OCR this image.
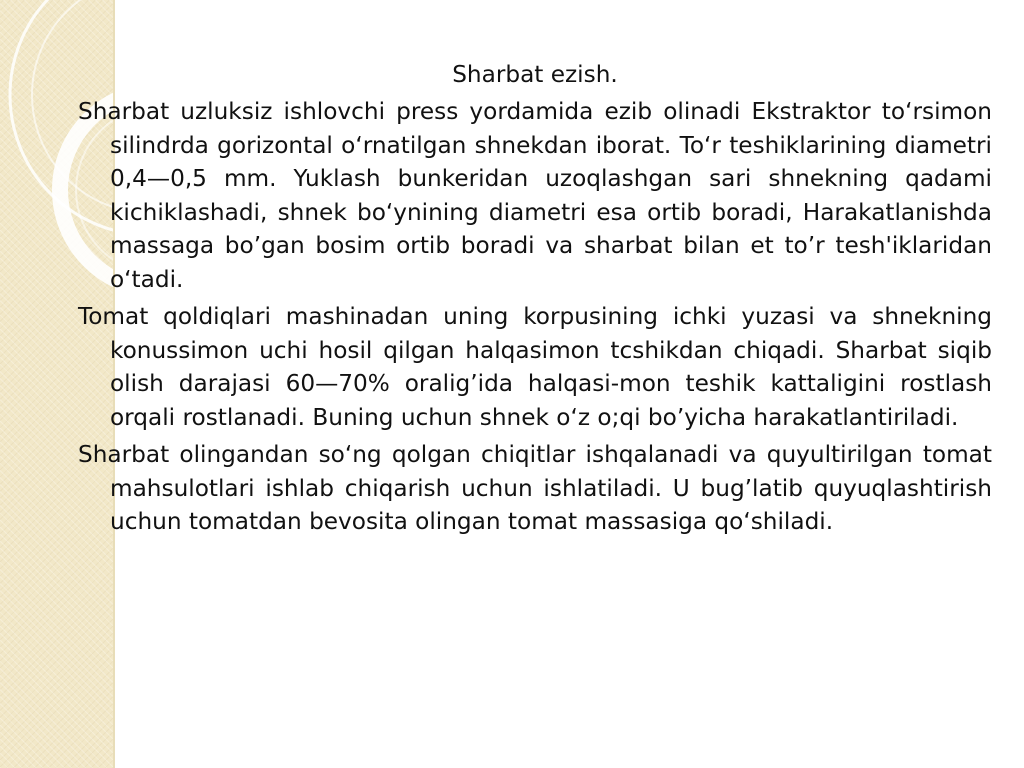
Sharbat ezish.

Sharbat uzluksiz ishlovchi press yordamida ezib olinadi Ekstraktor to‘rsimon silindrda gorizontal o‘rnatilgan shnekdan iborat. To‘r teshiklarining diametri 0,4—0,5 mm. Yuklash bunkeridan uzoqlashgan sari shnekning qadami kichiklashadi, shnek bo‘ynining diametri esa ortib boradi, Harakatlanishda massaga bo’gan bosim ortib boradi va sharbat bilan et to’r tesh'iklaridan o‘tadi.

Tomat qoldiqlari mashinadan uning korpusining ichki yuzasi va shnekning konussimon uchi hosil qilgan halqasimon tcshikdan chiqadi. Sharbat siqib olish darajasi 60—70% oralig’ida halqasi-mon teshik kattaligini rostlash orqali rostlanadi. Buning uchun shnek o‘z o;qi bo’yicha harakatlantiriladi.

Sharbat olingandan so‘ng qolgan chiqitlar ishqalanadi va quyultirilgan tomat mahsulotlari ishlab chiqarish uchun ishlatiladi. U bug’latib quyuqlashtirish uchun tomatdan bevosita olingan tomat massasiga qo‘shiladi.
